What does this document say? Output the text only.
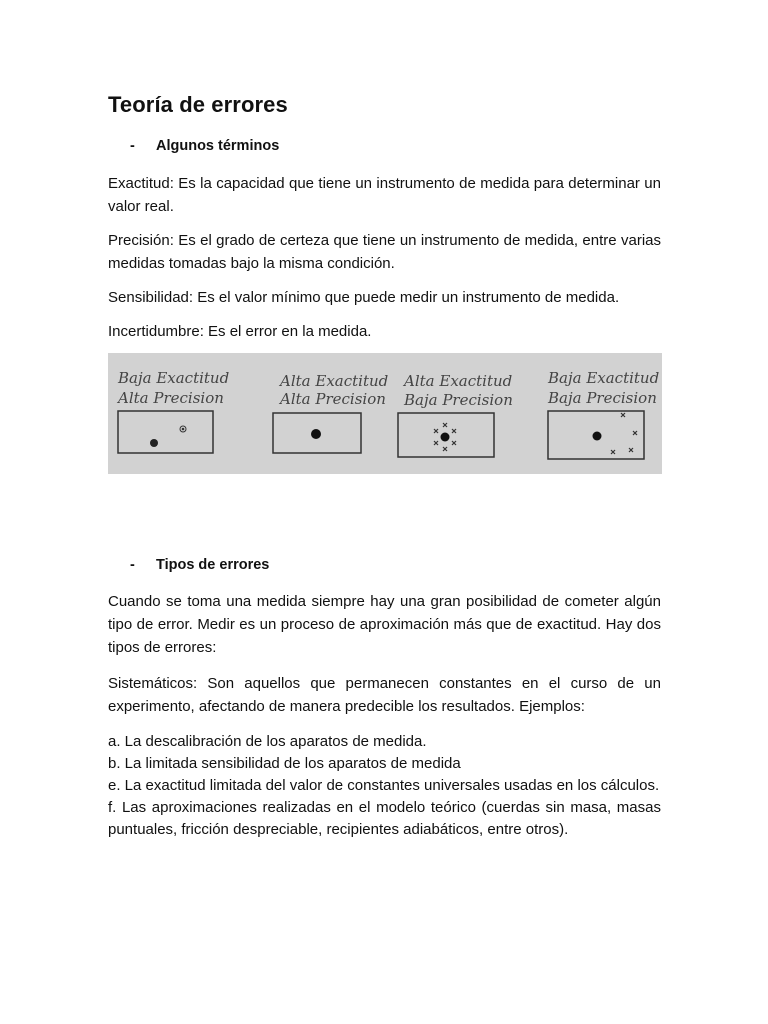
Teoría de errores
-	Algunos términos

Exactitud: Es la capacidad que tiene un instrumento de medida para determinar un valor real.

Precisión: Es el grado de certeza que tiene un instrumento de medida, entre varias medidas tomadas bajo la misma condición.

Sensibilidad: Es el valor mínimo que puede medir un instrumento de medida.

Incertidumbre: Es el error en la medida.

-	Tipos de errores

Cuando se toma una medida siempre hay una gran posibilidad de cometer algún tipo de error. Medir es un proceso de aproximación más que de exactitud. Hay dos tipos de errores:

Sistemáticos: Son aquellos que permanecen constantes en el curso de un experimento, afectando de manera predecible los resultados. Ejemplos:

a. La descalibración de los aparatos de medida.
b. La limitada sensibilidad de los aparatos de medida
e. La exactitud limitada del valor de constantes universales usadas en los cálculos.
f. Las aproximaciones realizadas en el modelo teórico (cuerdas sin masa, masas puntuales, fricción despreciable, recipientes adiabáticos, entre otros).
Baja Exactitud
Alta Precision
Alta Exactitud
Alta Precision
Alta Exactitud
Baja Precision
Baja Exactitud
Baja Precision
